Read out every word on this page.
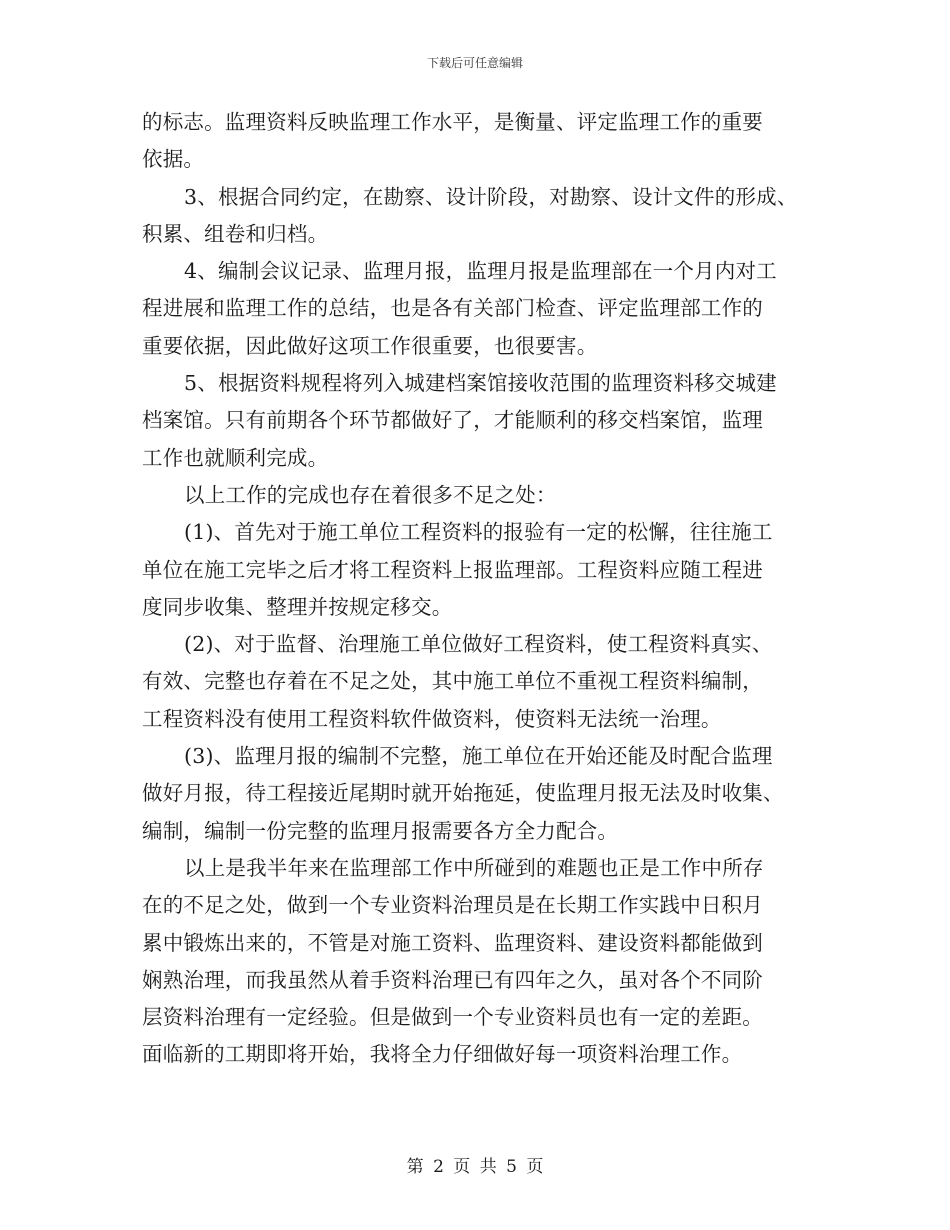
下载后可任意编辑
的标志。监理资料反映监理工作水平，是衡量、评定监理工作的重要
依据。
3、根据合同约定，在勘察、设计阶段，对勘察、设计文件的形成、
积累、组卷和归档。
4、编制会议记录、监理月报，监理月报是监理部在一个月内对工
程进展和监理工作的总结，也是各有关部门检查、评定监理部工作的
重要依据，因此做好这项工作很重要，也很要害。
5、根据资料规程将列入城建档案馆接收范围的监理资料移交城建
档案馆。只有前期各个环节都做好了，才能顺利的移交档案馆，监理
工作也就顺利完成。
以上工作的完成也存在着很多不足之处：
(1)、首先对于施工单位工程资料的报验有一定的松懈，往往施工
单位在施工完毕之后才将工程资料上报监理部。工程资料应随工程进
度同步收集、整理并按规定移交。
(2)、对于监督、治理施工单位做好工程资料，使工程资料真实、
有效、完整也存着在不足之处，其中施工单位不重视工程资料编制，
工程资料没有使用工程资料软件做资料，使资料无法统一治理。
(3)、监理月报的编制不完整，施工单位在开始还能及时配合监理
做好月报，待工程接近尾期时就开始拖延，使监理月报无法及时收集、
编制，编制一份完整的监理月报需要各方全力配合。
以上是我半年来在监理部工作中所碰到的难题也正是工作中所存
在的不足之处，做到一个专业资料治理员是在长期工作实践中日积月
累中锻炼出来的，不管是对施工资料、监理资料、建设资料都能做到
娴熟治理，而我虽然从着手资料治理已有四年之久，虽对各个不同阶
层资料治理有一定经验。但是做到一个专业资料员也有一定的差距。
面临新的工期即将开始，我将全力仔细做好每一项资料治理工作。
第 2 页 共 5 页
